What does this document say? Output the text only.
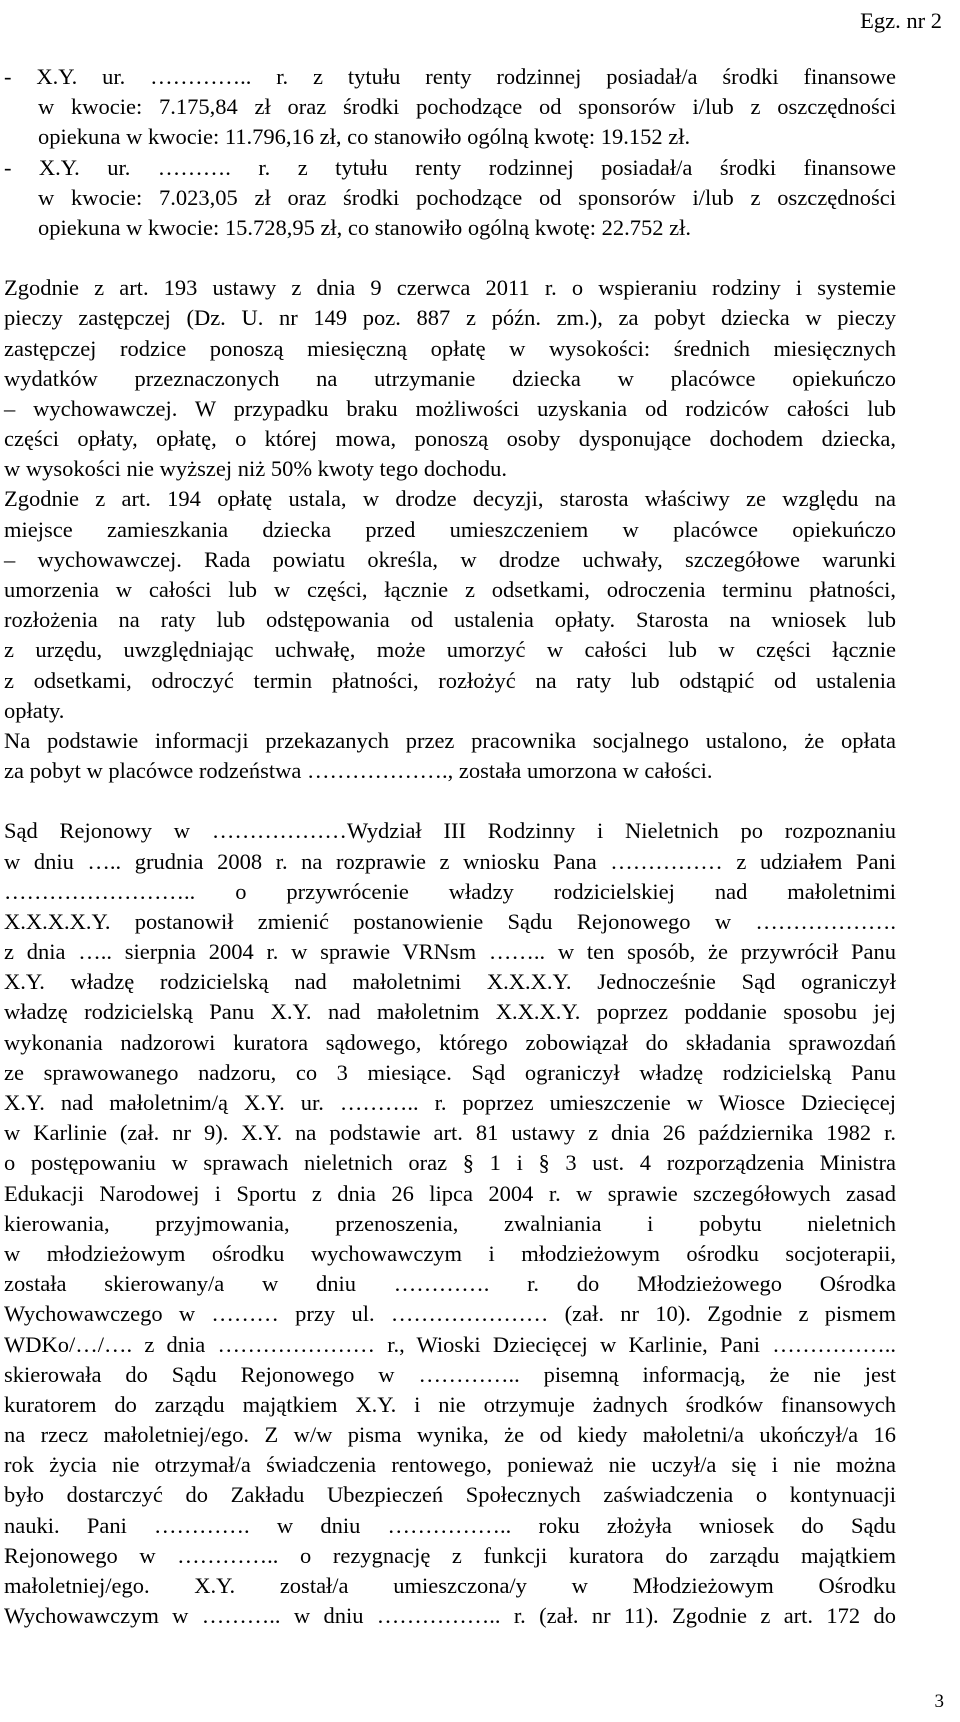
Egz. nr 2
- X.Y. ur. ………….. r. z tytułu renty rodzinnej posiadał/a środki finansowe
w kwocie: 7.175,84 zł oraz środki pochodzące od sponsorów i/lub z oszczędności
opiekuna w kwocie: 11.796,16 zł, co stanowiło ogólną kwotę: 19.152 zł.
- X.Y. ur. ………. r. z tytułu renty rodzinnej posiadał/a środki finansowe
w kwocie: 7.023,05 zł oraz środki pochodzące od sponsorów i/lub z oszczędności
opiekuna w kwocie: 15.728,95 zł, co stanowiło ogólną kwotę: 22.752 zł.
Zgodnie z art. 193 ustawy z dnia 9 czerwca 2011 r. o wspieraniu rodziny i systemie
pieczy zastępczej (Dz. U. nr 149 poz. 887 z późn. zm.), za pobyt dziecka w pieczy
zastępczej rodzice ponoszą miesięczną opłatę w wysokości: średnich miesięcznych
wydatków przeznaczonych na utrzymanie dziecka w placówce opiekuńczo
– wychowawczej. W przypadku braku możliwości uzyskania od rodziców całości lub
części opłaty, opłatę, o której mowa, ponoszą osoby dysponujące dochodem dziecka,
w wysokości nie wyższej niż 50% kwoty tego dochodu.
Zgodnie z art. 194 opłatę ustala, w drodze decyzji, starosta właściwy ze względu na
miejsce zamieszkania dziecka przed umieszczeniem w placówce opiekuńczo
– wychowawczej. Rada powiatu określa, w drodze uchwały, szczegółowe warunki
umorzenia w całości lub w części, łącznie z odsetkami, odroczenia terminu płatności,
rozłożenia na raty lub odstępowania od ustalenia opłaty. Starosta na wniosek lub
z urzędu, uwzględniając uchwałę, może umorzyć w całości lub w części łącznie
z odsetkami, odroczyć termin płatności, rozłożyć na raty lub odstąpić od ustalenia
opłaty.
Na podstawie informacji przekazanych przez pracownika socjalnego ustalono, że opłata
za pobyt w placówce rodzeństwa ………………., została umorzona w całości.
Sąd Rejonowy w ………………Wydział III Rodzinny i Nieletnich po rozpoznaniu
w dniu ….. grudnia 2008 r. na rozprawie z wniosku Pana …………… z udziałem Pani
…………………….. o przywrócenie władzy rodzicielskiej nad małoletnimi
X.X.X.X.Y. postanowił zmienić postanowienie Sądu Rejonowego w ……………….
z dnia ….. sierpnia 2004 r. w sprawie VRNsm …….. w ten sposób, że przywrócił Panu
X.Y. władzę rodzicielską nad małoletnimi X.X.X.Y. Jednocześnie Sąd ograniczył
władzę rodzicielską Panu X.Y. nad małoletnim X.X.X.Y. poprzez poddanie sposobu jej
wykonania nadzorowi kuratora sądowego, którego zobowiązał do składania sprawozdań
ze sprawowanego nadzoru, co 3 miesiące. Sąd ograniczył władzę rodzicielską Panu
X.Y. nad małoletnim/ą X.Y. ur. ……….. r. poprzez umieszczenie w Wiosce Dziecięcej
w Karlinie (zał. nr 9). X.Y. na podstawie art. 81 ustawy z dnia 26 października 1982 r.
o postępowaniu w sprawach nieletnich oraz § 1 i § 3 ust. 4 rozporządzenia Ministra
Edukacji Narodowej i Sportu z dnia 26 lipca 2004 r. w sprawie szczegółowych zasad
kierowania, przyjmowania, przenoszenia, zwalniania i pobytu nieletnich
w młodzieżowym ośrodku wychowawczym i młodzieżowym ośrodku socjoterapii,
została skierowany/a w dniu …………. r. do Młodzieżowego Ośrodka
Wychowawczego w ……… przy ul. ………………… (zał. nr 10). Zgodnie z pismem
WDKo/…/…. z dnia ………………… r., Wioski Dziecięcej w Karlinie, Pani ……………..
skierowała do Sądu Rejonowego w ………….. pisemną informacją, że nie jest
kuratorem do zarządu majątkiem X.Y. i nie otrzymuje żadnych środków finansowych
na rzecz małoletniej/ego. Z w/w pisma wynika, że od kiedy małoletni/a ukończył/a 16
rok życia nie otrzymał/a świadczenia rentowego, ponieważ nie uczył/a się i nie można
było dostarczyć do Zakładu Ubezpieczeń Społecznych zaświadczenia o kontynuacji
nauki. Pani …………. w dniu …………….. roku złożyła wniosek do Sądu
Rejonowego w ………….. o rezygnację z funkcji kuratora do zarządu majątkiem
małoletniej/ego. X.Y. został/a umieszczona/y w Młodzieżowym Ośrodku
Wychowawczym w ……….. w dniu …………….. r. (zał. nr 11). Zgodnie z art. 172 do
3
